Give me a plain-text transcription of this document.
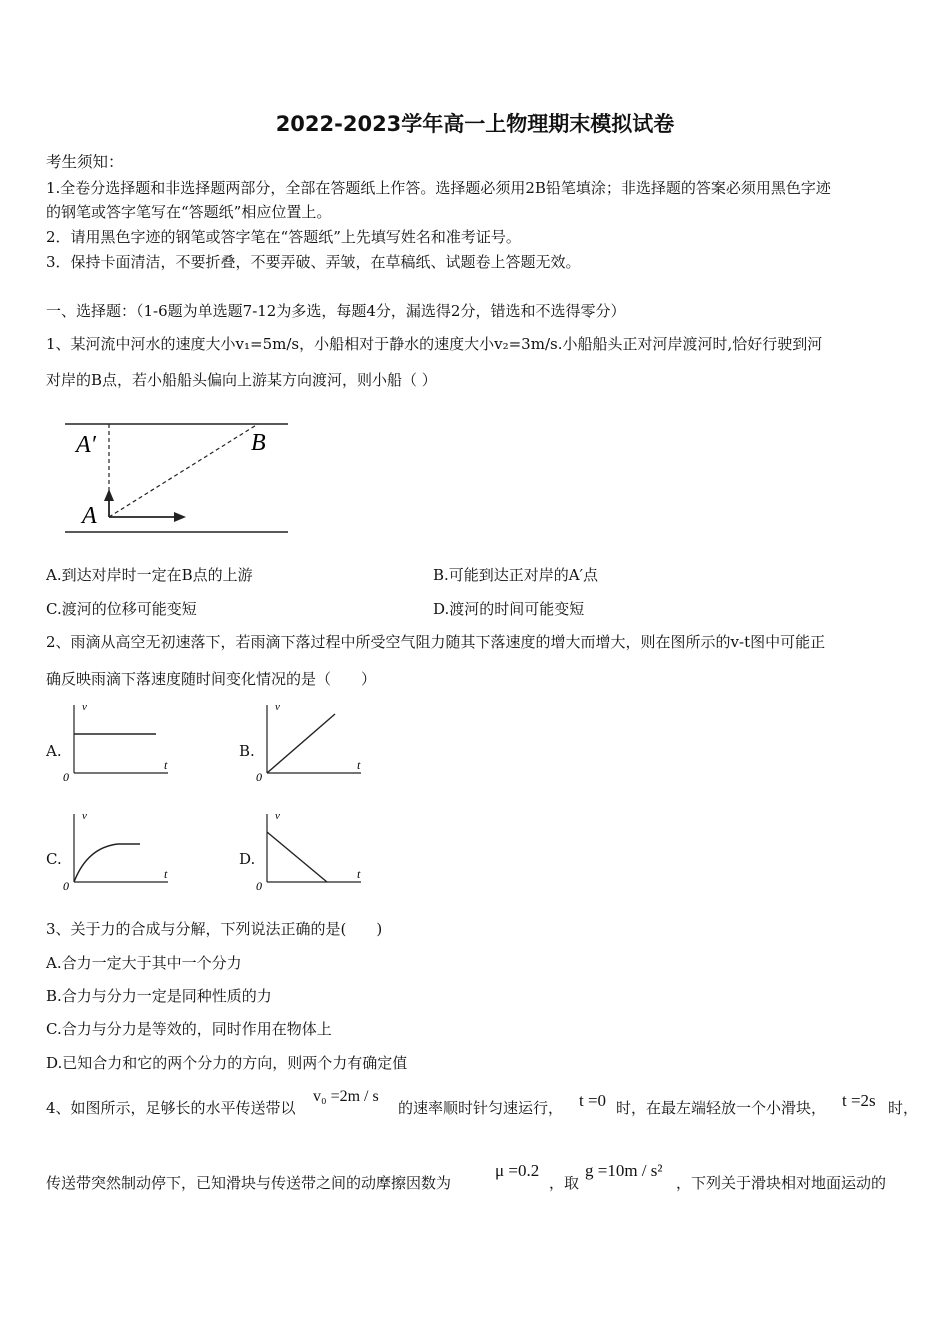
2022-2023学年高一上物理期末模拟试卷
考生须知：
1.全卷分选择题和非选择题两部分，全部在答题纸上作答。选择题必须用2B铅笔填涂；非选择题的答案必须用黑色字迹
的钢笔或答字笔写在“答题纸”相应位置上。
2．请用黑色字迹的钢笔或答字笔在“答题纸”上先填写姓名和准考证号。
3．保持卡面清洁，不要折叠，不要弄破、弄皱，在草稿纸、试题卷上答题无效。
一、选择题：（1-6题为单选题7-12为多选，每题4分，漏选得2分，错选和不选得零分）
1、某河流中河水的速度大小v₁=5m/s，小船相对于静水的速度大小v₂=3m/s.小船船头正对河岸渡河时,恰好行驶到河
对岸的B点，若小船船头偏向上游某方向渡河，则小船（ ）
A′	B
A
A.到达对岸时一定在B点的上游	B.可能到达正对岸的A′点
C.渡河的位移可能变短	D.渡河的时间可能变短
2、雨滴从高空无初速落下，若雨滴下落过程中所受空气阻力随其下落速度的增大而增大，则在图所示的v-t图中可能正
确反映雨滴下落速度随时间变化情况的是（　　）
A.
v
t
0
B.
v
t
0
C.
v
t
0
D.
v
t
0
3、关于力的合成与分解，下列说法正确的是(　　)
A.合力一定大于其中一个分力
B.合力与分力一定是同种性质的力
C.合力与分力是等效的，同时作用在物体上
D.已知合力和它的两个分力的方向，则两个力有确定值
4、如图所示，足够长的水平传送带以
v₀ =2m / s
的速率顺时针匀速运行， t =0 时，在最左端轻放一个小滑块， t =2s 时，
传送带突然制动停下，已知滑块与传送带之间的动摩擦因数为
μ =0.2
，取
g =10m / s²
，下列关于滑块相对地面运动的
